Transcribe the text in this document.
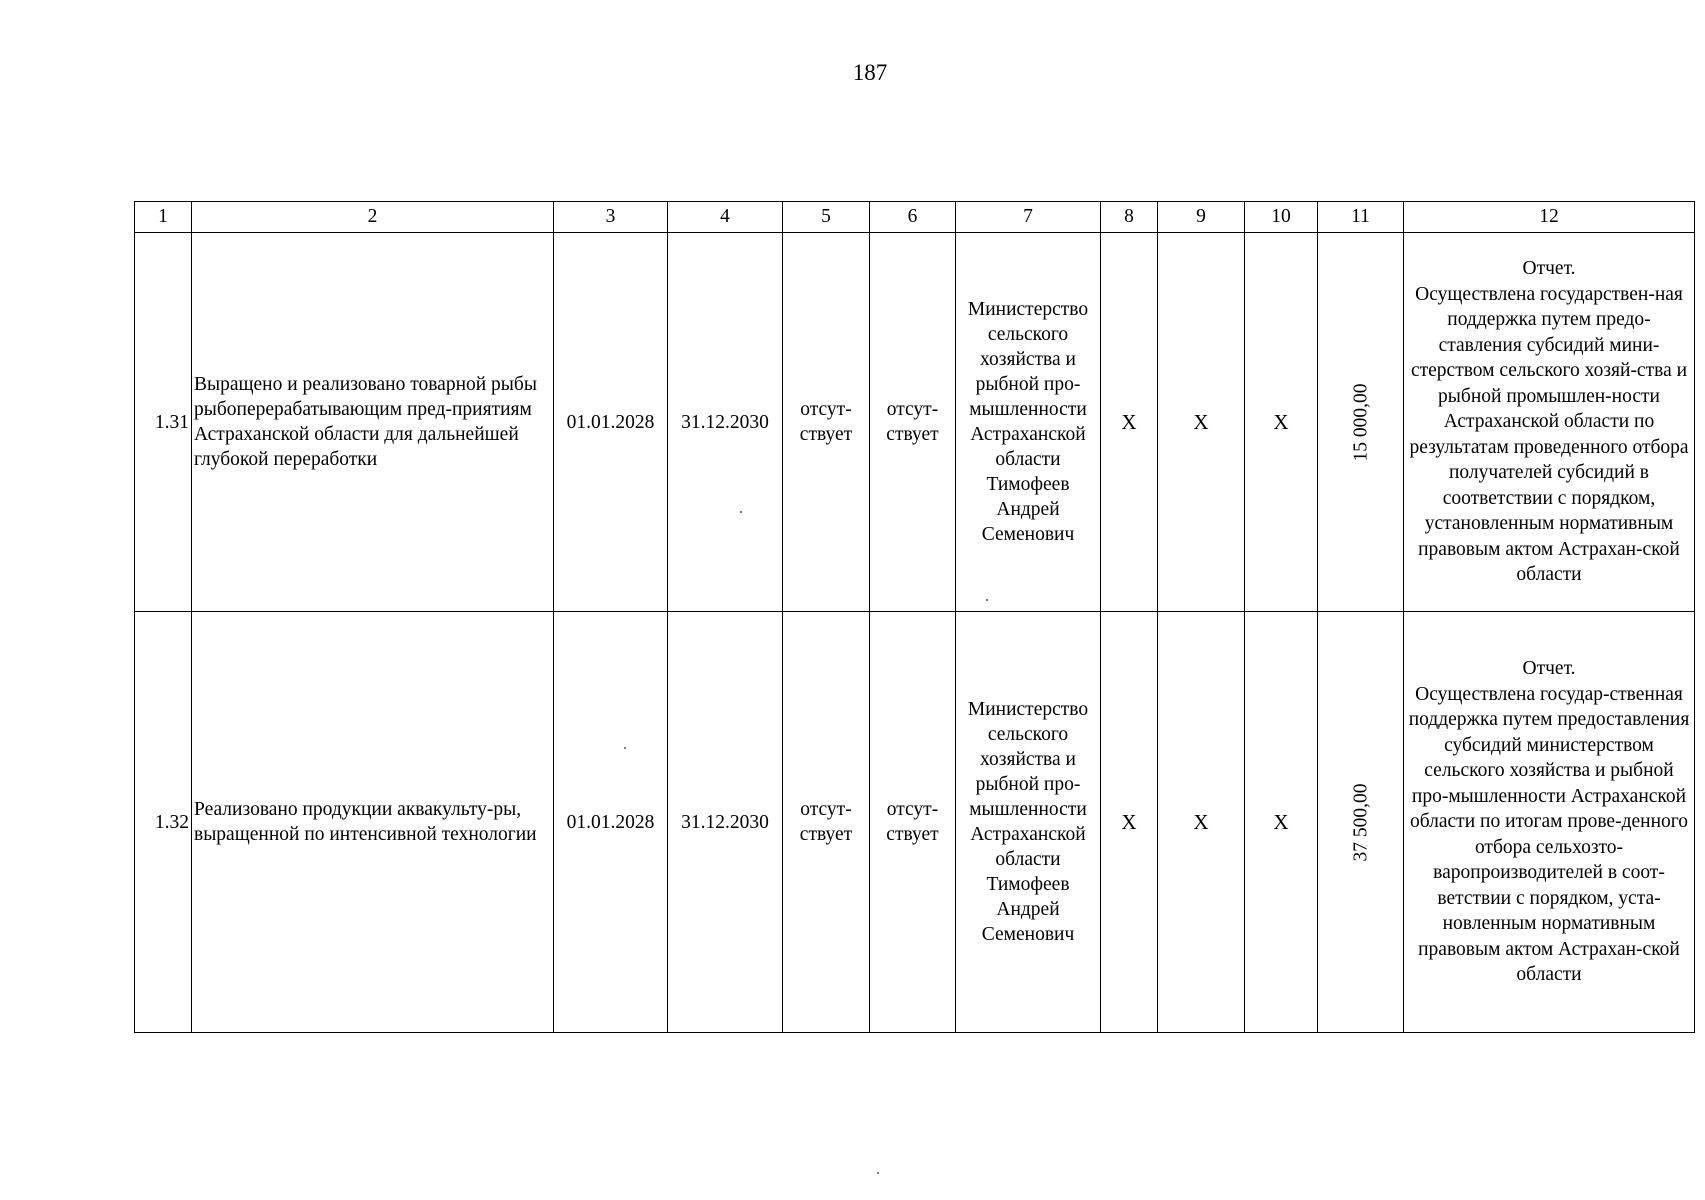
187
1	2	3	4	5	6	7	8	9	10	11	12
1.31	Выращено и реализовано товарной рыбы рыбоперерабатывающим пред-приятиям Астраханской области для дальнейшей глубокой переработки	01.01.2028	31.12.2030	отсут-ствует	отсут-ствует	Министерство сельского хозяйства и рыбной про-мышленности Астраханской области Тимофеев Андрей Семенович	X	X	X	15 000,00	Отчет.
Осуществлена государствен-ная поддержка путем предо-ставления субсидий мини-стерством сельского хозяй-ства и рыбной промышлен-ности Астраханской области по результатам проведенного отбора получателей субсидий в соответствии с порядком, установленным нормативным правовым актом Астрахан-ской области

1.32	Реализовано продукции аквакульту-ры, выращенной по интенсивной технологии	01.01.2028	31.12.2030	отсут-ствует	отсут-ствует	Министерство сельского хозяйства и рыбной про-мышленности Астраханской области Тимофеев Андрей Семенович	X	X	X	37 500,00	Отчет.
Осуществлена государ-ственная поддержка путем предоставления субсидий министерством сельского хозяйства и рыбной про-мышленности Астраханской области по итогам прове-денного отбора сельхозто-варопроизводителей в соот-ветствии с порядком, уста-новленным нормативным правовым актом Астрахан-ской области
